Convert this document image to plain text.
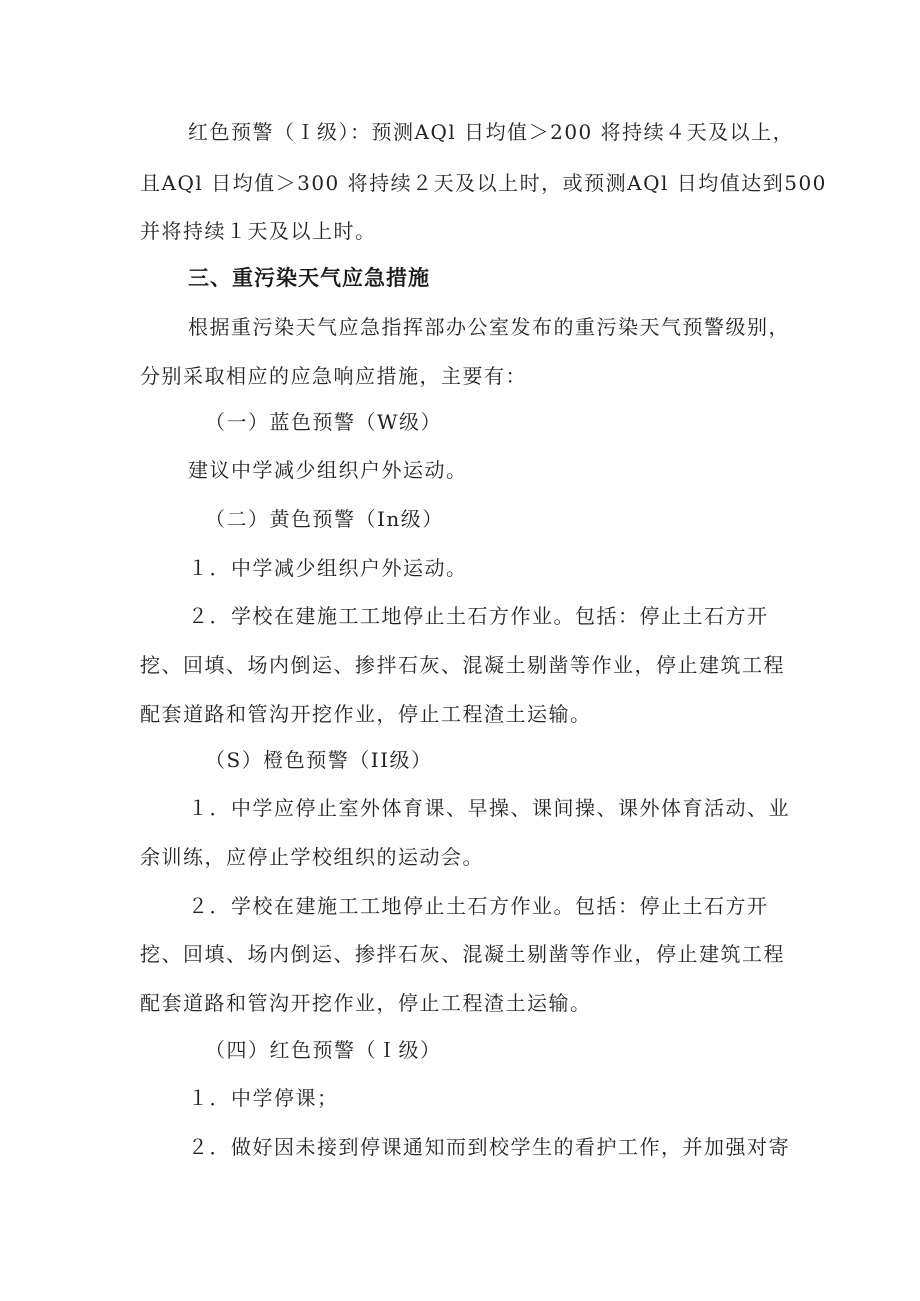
红色预警（Ｉ级）：预测AQl 日均值＞200 将持续４天及以上，
且AQl 日均值＞300 将持续２天及以上时，或预测AQl 日均值达到500
并将持续１天及以上时。
三、重污染天气应急措施
根据重污染天气应急指挥部办公室发布的重污染天气预警级别，
分别采取相应的应急响应措施，主要有：
（一）蓝色预警（W级）
建议中学减少组织户外运动。
（二）黄色预警（In级）
１．中学减少组织户外运动。
２．学校在建施工工地停止土石方作业。包括：停止土石方开
挖、回填、场内倒运、掺拌石灰、混凝土剔凿等作业，停止建筑工程
配套道路和管沟开挖作业，停止工程渣土运输。
（S）橙色预警（II级）
１．中学应停止室外体育课、早操、课间操、课外体育活动、业
余训练，应停止学校组织的运动会。
２．学校在建施工工地停止土石方作业。包括：停止土石方开
挖、回填、场内倒运、掺拌石灰、混凝土剔凿等作业，停止建筑工程
配套道路和管沟开挖作业，停止工程渣土运输。
（四）红色预警（Ｉ级）
１．中学停课；
２．做好因未接到停课通知而到校学生的看护工作，并加强对寄
